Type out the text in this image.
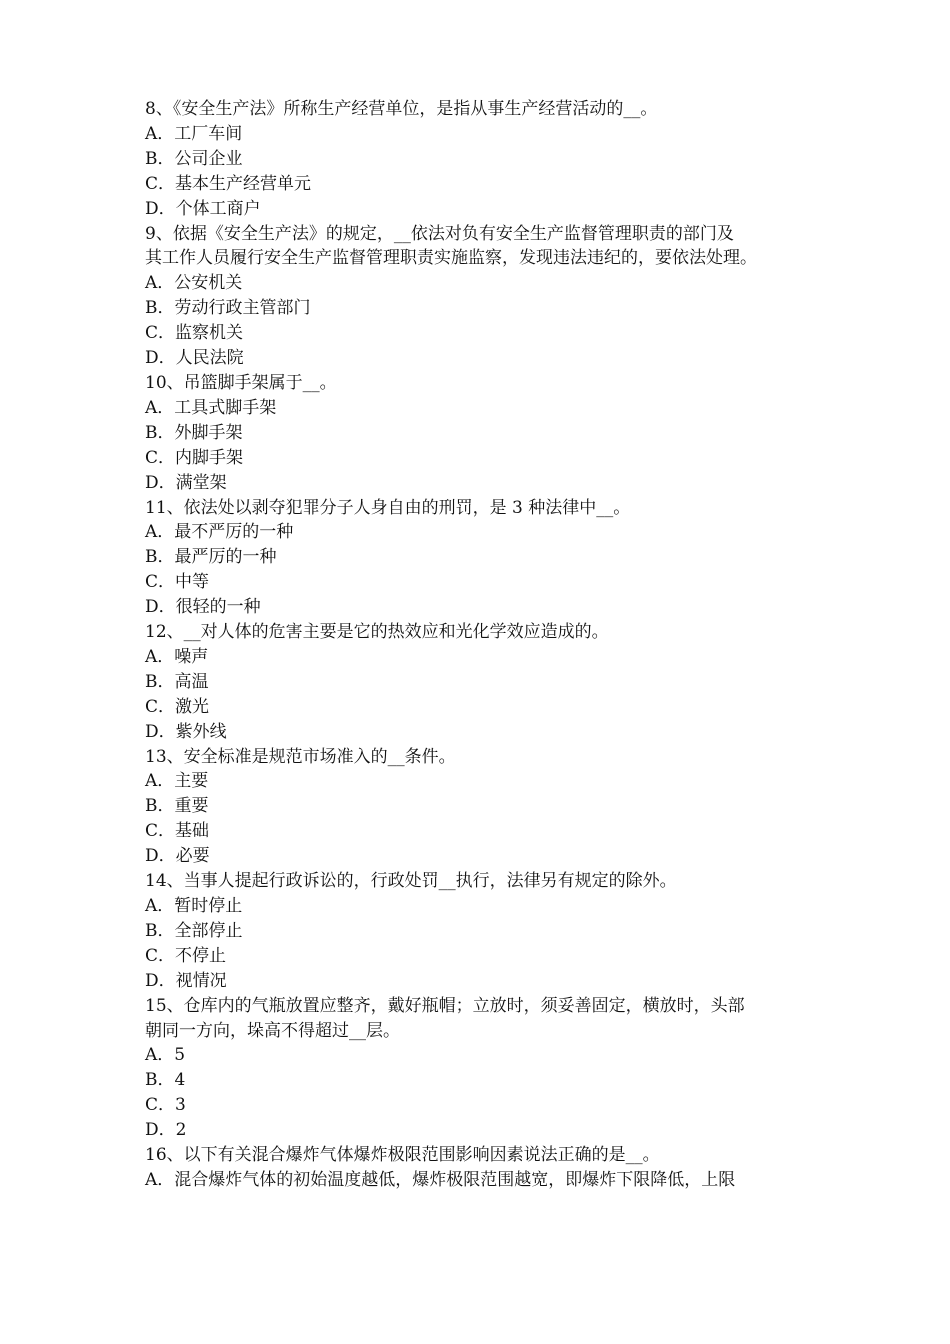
8、《安全生产法》所称生产经营单位，是指从事生产经营活动的__。

A．工厂车间

B．公司企业

C．基本生产经营单元

D．个体工商户

9、依据《安全生产法》的规定，__依法对负有安全生产监督管理职责的部门及

其工作人员履行安全生产监督管理职责实施监察，发现违法违纪的，要依法处理。

A．公安机关

B．劳动行政主管部门

C．监察机关

D．人民法院

10、吊篮脚手架属于__。

A．工具式脚手架

B．外脚手架

C．内脚手架

D．满堂架

11、依法处以剥夺犯罪分子人身自由的刑罚，是 3 种法律中__。

A．最不严厉的一种

B．最严厉的一种

C．中等

D．很轻的一种

12、__对人体的危害主要是它的热效应和光化学效应造成的。

A．噪声

B．高温

C．激光

D．紫外线

13、安全标准是规范市场准入的__条件。

A．主要

B．重要

C．基础

D．必要

14、当事人提起行政诉讼的，行政处罚__执行，法律另有规定的除外。

A．暂时停止

B．全部停止

C．不停止

D．视情况

15、仓库内的气瓶放置应整齐，戴好瓶帽；立放时，须妥善固定，横放时，头部

朝同一方向，垛高不得超过__层。

A．5

B．4

C．3

D．2

16、以下有关混合爆炸气体爆炸极限范围影响因素说法正确的是__。

A．混合爆炸气体的初始温度越低，爆炸极限范围越宽，即爆炸下限降低，上限
